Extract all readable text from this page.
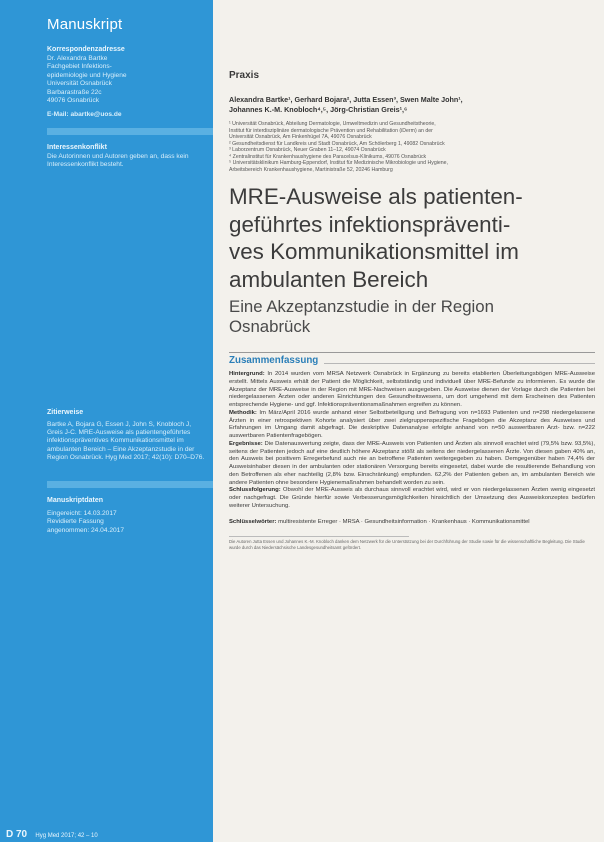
Manuskript
Korrespondenzadresse
Dr. Alexandra Bartke
Fachgebiet Infektions-
epidemiologie und Hygiene
Universität Osnabrück
Barbarastraße 22c
49076 Osnabrück
E-Mail: abartke@uos.de
Interessenkonflikt
Die Autorinnen und Autoren geben an, dass kein Interessenkonflikt besteht.
Zitierweise
Bartke A, Bojara G, Essen J, John S, Knobloch J, Greis J-C. MRE-Ausweise als patientengeführtes infektionspräventives Kommunikationsmittel im ambulanten Bereich – Eine Akzeptanzstudie in der Region Osnabrück. Hyg Med 2017; 42(10): D70–D76.
Manuskriptdaten
Eingereicht: 14.03.2017
Revidierte Fassung
angenommen: 24.04.2017
D 70 Hyg Med 2017; 42 – 10
Praxis
Alexandra Bartke¹, Gerhard Bojara², Jutta Essen³, Swen Malte John¹,
Johannes K.-M. Knobloch⁴,⁵, Jörg-Christian Greis¹,⁶
¹ Universität Osnabrück, Abteilung Dermatologie, Umweltmedizin und Gesundheitstheorie,
Institut für interdisziplinäre dermatologische Prävention und Rehabilitation (iDerm) an der
Universität Osnabrück, Am Finkenhügel 7A, 49076 Osnabrück
² Gesundheitsdienst für Landkreis und Stadt Osnabrück, Am Schölerberg 1, 49082 Osnabrück
³ Laborzentrum Osnabrück, Neuer Graben 11–12, 49074 Osnabrück
⁴ Zentralinstitut für Krankenhaushygiene des Paracelsus-Klinikums, 49076 Osnabrück
⁵ Universitätsklinikum Hamburg-Eppendorf, Institut für Medizinische Mikrobiologie und Hygiene,
Arbeitsbereich Krankenhaushygiene, Martinistraße 52, 20246 Hamburg
MRE-Ausweise als patienten-
geführtes infektionspräventi-
ves Kommunikationsmittel im
ambulanten Bereich
Eine Akzeptanzstudie in der Region
Osnabrück
Zusammenfassung
Hintergrund: In 2014 wurden vom MRSA Netzwerk Osnabrück in Ergänzung zu bereits etablierten Überleitungsbögen MRE-Ausweise erstellt. Mittels Ausweis erhält der Patient die Möglichkeit, selbstständig und individuell über MRE-Befunde zu informieren. Es wurde die Akzeptanz der MRE-Ausweise in der Region mit MRE-Nachweisen ausgegeben. Die Ausweise dienen der Vorlage durch die Patienten bei niedergelassenen Ärzten oder anderen Einrichtungen des Gesundheitswesens, um dort umgehend mit dem Erscheinen des Patienten entsprechende Hygiene- und ggf. Infektionspräventionsmaßnahmen ergreifen zu können.
Methodik: Im März/April 2016 wurde anhand einer Selbstbeteiligung und Befragung von n=1693 Patienten und n=298 niedergelassene Ärzten in einer retrospektiven Kohorte analysiert über zwei zielgruppenspezifische Fragebögen die Akzeptanz des Ausweises und Erfahrungen im Umgang damit abgefragt. Die deskriptive Datenanalyse erfolgte anhand von n=50 auswertbaren Arzt- bzw. n=222 auswertbaren Patientenfragebögen.
Ergebnisse: Die Datenauswertung zeigte, dass der MRE-Ausweis von Patienten und Ärzten als sinnvoll erachtet wird (79,5% bzw. 93,5%), seitens der Patienten jedoch auf eine deutlich höhere Akzeptanz stößt als seitens der niedergelassenen Ärzte. Von diesen gaben 40% an, den Ausweis bei positivem Erregerbefund auch nie an betroffene Patienten weitergegeben zu haben. Demgegenüber haben 74,4% der Ausweisinhaber diesen in der ambulanten oder stationären Versorgung bereits eingesetzt, dabei wurde die resultierende Behandlung von den Betroffenen als eher nachteilig (2,8% bzw. Einschränkung) empfunden. 62,2% der Patienten geben an, im ambulanten Bereich wie andere Patienten ohne besondere Hygienemaßnahmen behandelt worden zu sein.
Schlussfolgerung: Obwohl der MRE-Ausweis als durchaus sinnvoll erachtet wird, wird er von niedergelassenen Ärzten wenig eingesetzt oder nachgefragt. Die Gründe hierfür sowie Verbesserungsmöglichkeiten hinsichtlich der Umsetzung des Ausweiskonzeptes bedürfen weiterer Untersuchung.
Schlüsselwörter: multiresistente Erreger · MRSA · Gesundheitsinformation · Krankenhaus · Kommunikationsmittel
Die Autoren Jutta Essen und Johannes K.-M. Knobloch danken dem Netzwerk für die Unterstützung bei der Durchführung der Studie sowie für die wissenschaftliche Begleitung. Die Studie wurde durch das Niedersächsische Landesgesundheitsamt gefördert.
